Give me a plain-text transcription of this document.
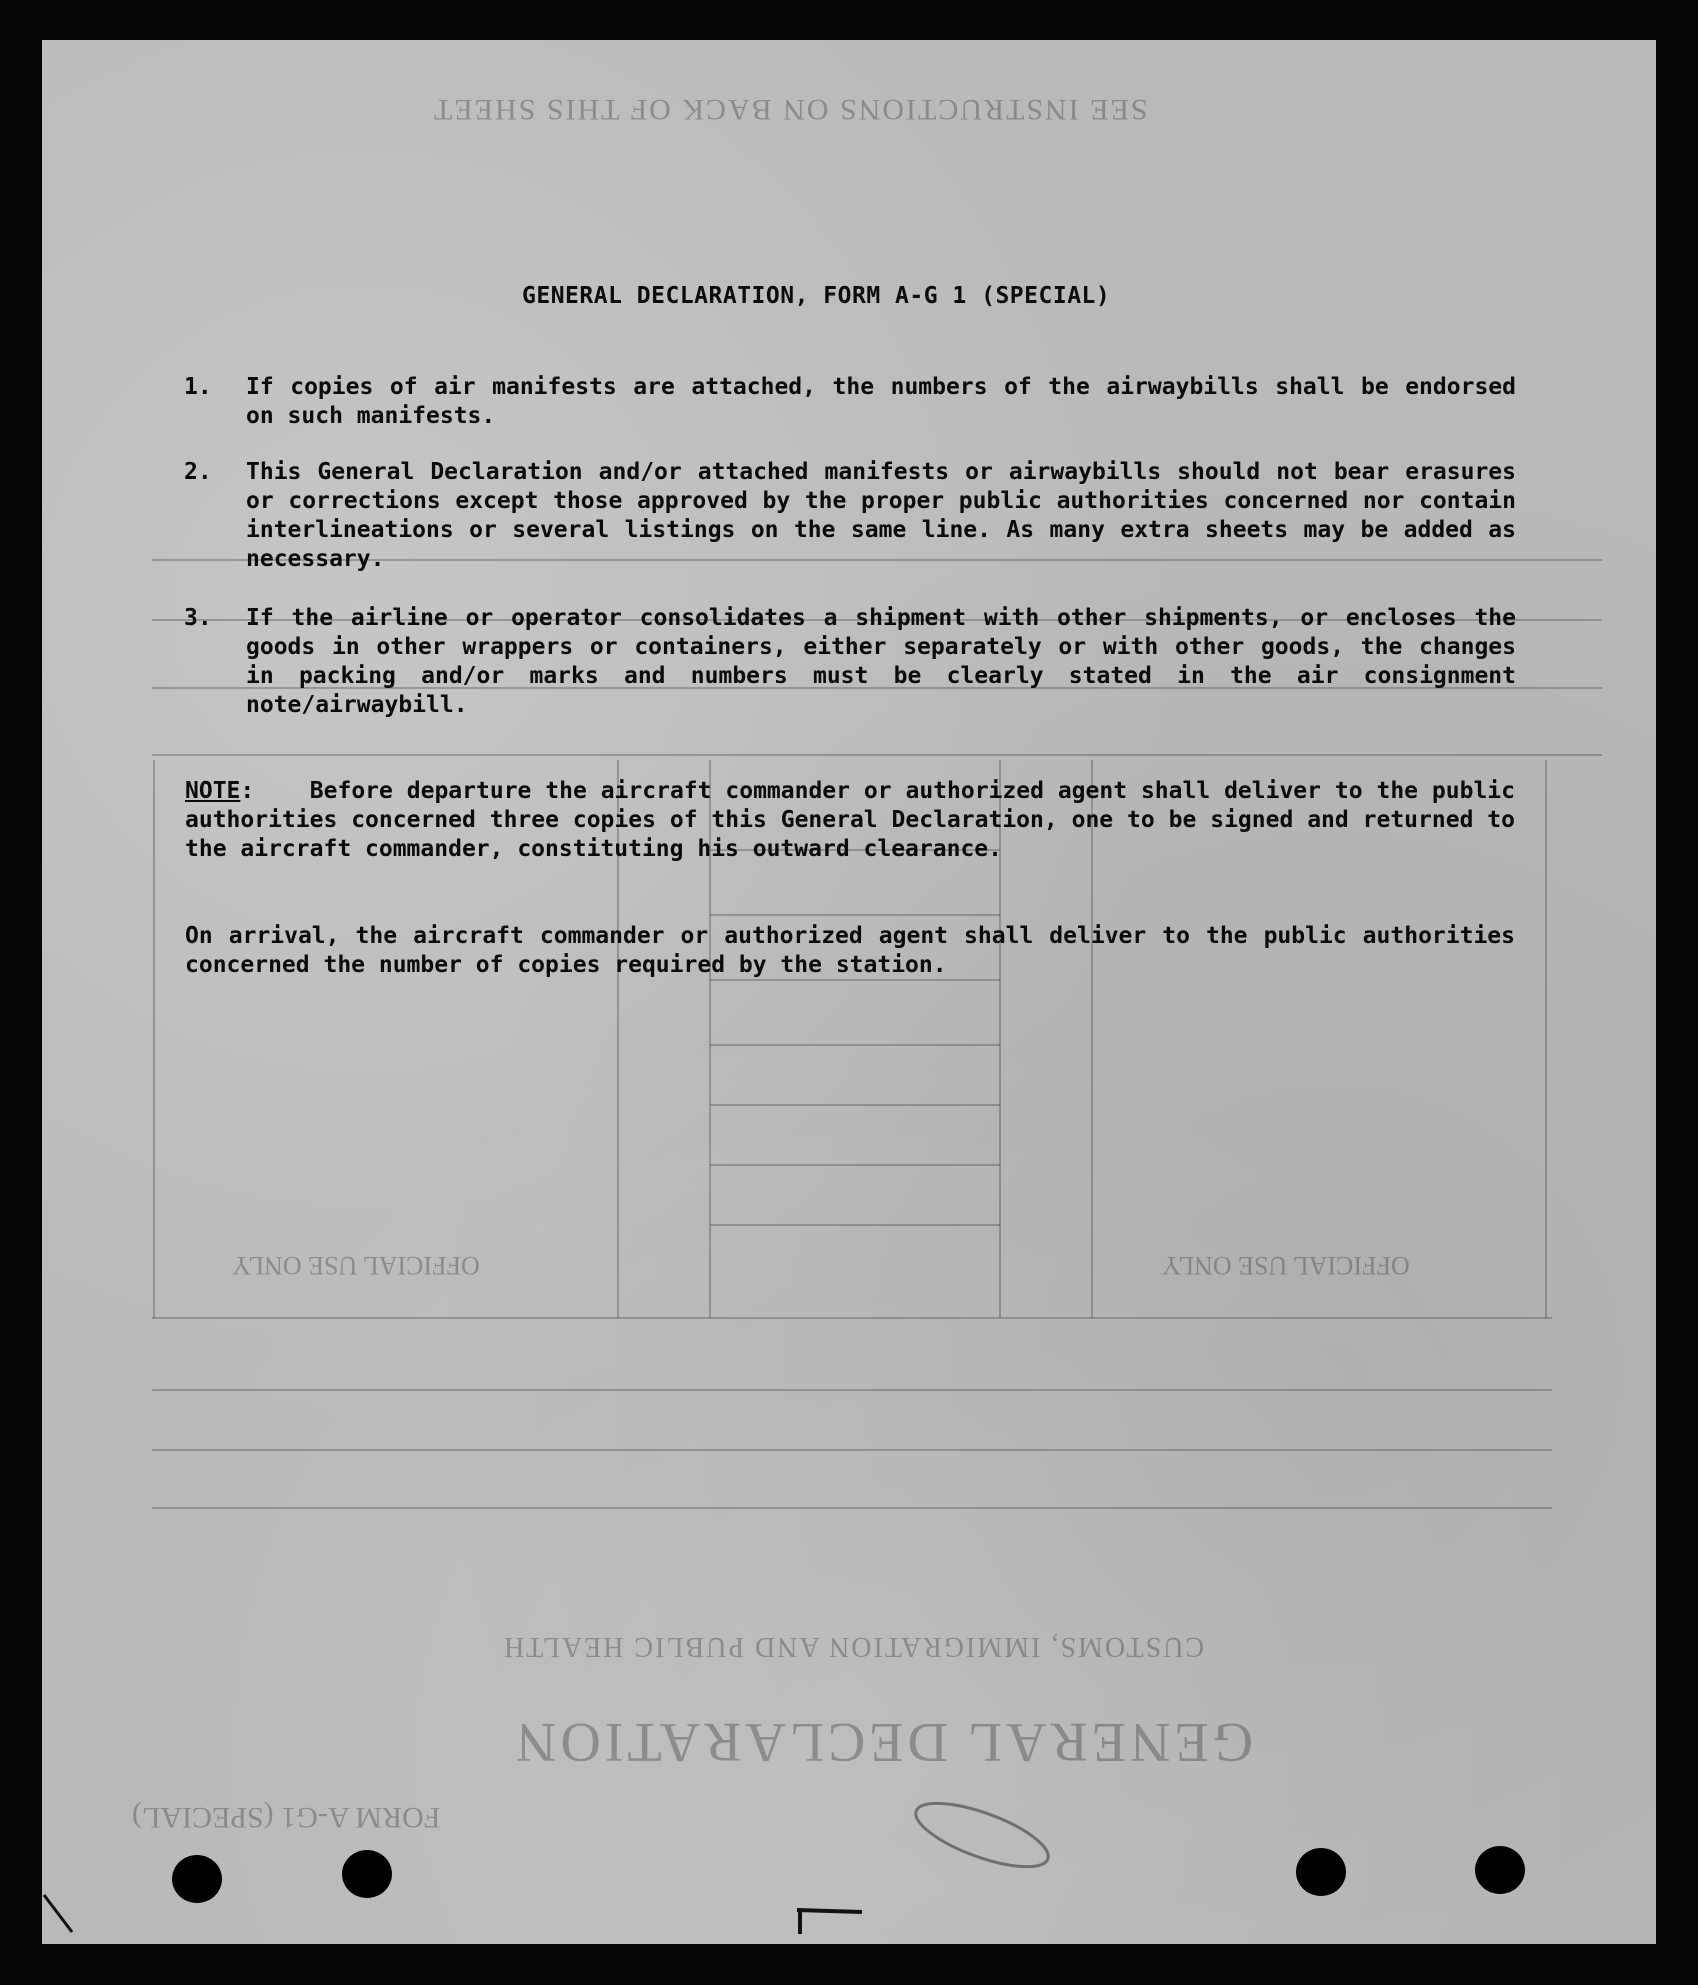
SEE INSTRUCTIONS ON BACK OF THIS SHEET
GENERAL DECLARATION
CUSTOMS, IMMIGRATION AND PUBLIC HEALTH
FORM A-G1 (SPECIAL)
OFFICIAL USE ONLY	OFFICIAL USE ONLY
GENERAL DECLARATION, FORM A-G 1 (SPECIAL)
1. If copies of air manifests are attached, the numbers of the airwaybills shall be endorsed on such manifests.
2. This General Declaration and/or attached manifests or airwaybills should not bear erasures or corrections except those approved by the proper public authorities concerned nor contain interlineations or several listings on the same line. As many extra sheets may be added as necessary.
3. If the airline or operator consolidates a shipment with other shipments, or encloses the goods in other wrappers or containers, either separately or with other goods, the changes in packing and/or marks and numbers must be clearly stated in the air consignment note/airwaybill.
NOTE:    Before departure the aircraft commander or authorized agent shall deliver to the public authorities concerned three copies of this General Declaration, one to be signed and returned to the aircraft commander, constituting his outward clearance.
On arrival, the aircraft commander or authorized agent shall deliver to the public authorities concerned the number of copies required by the station.
